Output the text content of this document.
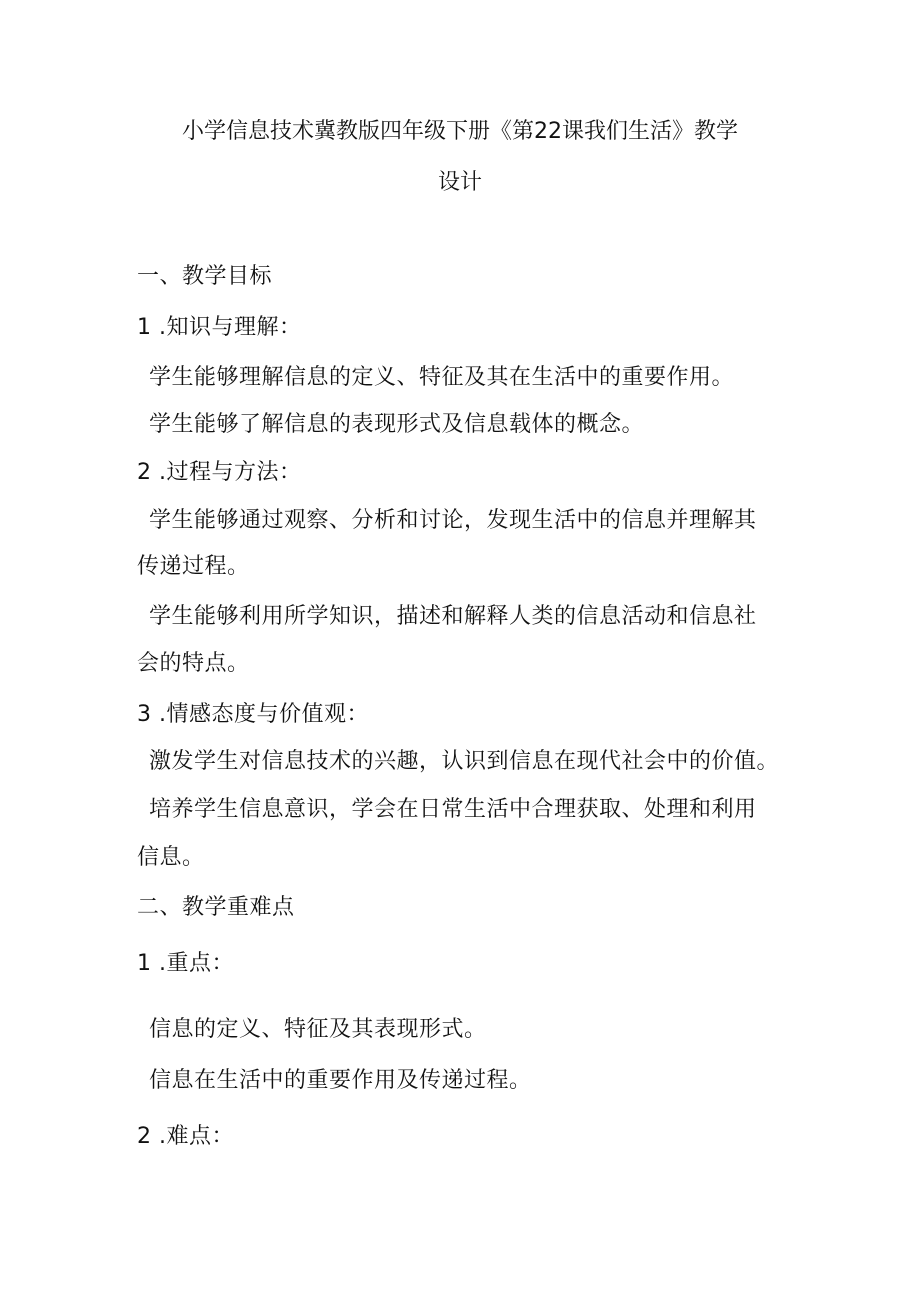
小学信息技术冀教版四年级下册《第22课我们生活》教学
设计
一、教学目标
1 .知识与理解：
学生能够理解信息的定义、特征及其在生活中的重要作用。
学生能够了解信息的表现形式及信息载体的概念。
2 .过程与方法：
学生能够通过观察、分析和讨论，发现生活中的信息并理解其
传递过程。
学生能够利用所学知识，描述和解释人类的信息活动和信息社
会的特点。
3 .情感态度与价值观：
激发学生对信息技术的兴趣，认识到信息在现代社会中的价值。
培养学生信息意识，学会在日常生活中合理获取、处理和利用
信息。
二、教学重难点
1 .重点：
信息的定义、特征及其表现形式。
信息在生活中的重要作用及传递过程。
2 .难点：
